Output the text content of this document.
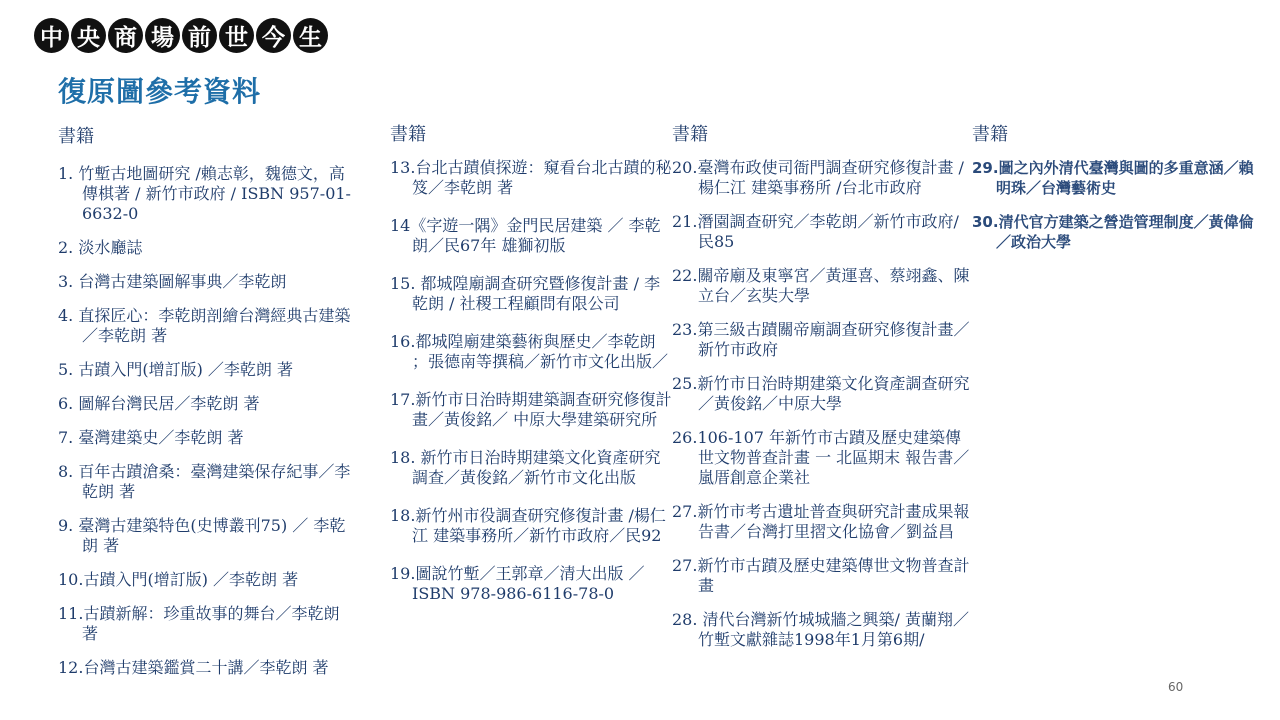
中 央 商 場 前 世 今 生
復原圖參考資料
書籍
1. 竹塹古地圖研究 /賴志彰，魏德文，高傳棋著 / 新竹市政府 / ISBN 957-01-6632-0
2. 淡水廳誌
3. 台灣古建築圖解事典／李乾朗
4. 直探匠心：李乾朗剖繪台灣經典古建築／李乾朗 著
5. 古蹟入門(增訂版) ／李乾朗 著
6. 圖解台灣民居／李乾朗 著
7. 臺灣建築史／李乾朗 著
8. 百年古蹟滄桑：臺灣建築保存紀事／李乾朗 著
9. 臺灣古建築特色(史博叢刊75) ／ 李乾朗 著
10.古蹟入門(增訂版) ／李乾朗 著
11.古蹟新解：珍重故事的舞台／李乾朗 著
12.台灣古建築鑑賞二十講／李乾朗 著
書籍
13.台北古蹟偵探遊：窺看台北古蹟的秘笈／李乾朗 著
14《字遊一隅》金門民居建築 ／ 李乾朗／民67年 雄獅初版
15. 都城隍廟調查研究暨修復計畫 / 李乾朗 / 社稷工程顧問有限公司
16.都城隍廟建築藝術與歷史／李乾朗 ；張德南等撰稿／新竹市文化出版／
17.新竹市日治時期建築調查研究修復計畫／黃俊銘／ 中原大學建築研究所
18. 新竹市日治時期建築文化資產研究調查／黃俊銘／新竹市文化出版
18.新竹州市役調查研究修復計畫 /楊仁江 建築事務所／新竹市政府／民92
19.圖說竹塹／王郭章／清大出版 ／ ISBN 978-986-6116-78-0
書籍
20.臺灣布政使司衙門調查研究修復計畫 /楊仁江 建築事務所 /台北市政府
21.潛園調查研究／李乾朗／新竹市政府/ 民85
22.關帝廟及東寧宮／黃運喜、蔡翊鑫、陳立台／玄奘大學
23.第三級古蹟關帝廟調查研究修復計畫／新竹市政府
25.新竹市日治時期建築文化資產調查研究／黃俊銘／中原大學
26.106-107 年新竹市古蹟及歷史建築傳世文物普查計畫 一 北區期末 報告書／嵐厝創意企業社
27.新竹市考古遺址普查與研究計畫成果報告書／台灣打里摺文化協會／劉益昌
27.新竹市古蹟及歷史建築傳世文物普查計畫
28. 清代台灣新竹城城牆之興築/ 黃蘭翔／竹塹文獻雜誌1998年1月第6期/
書籍
29.圖之內外清代臺灣與圖的多重意涵／賴明珠／台灣藝術史
30.清代官方建築之營造管理制度／黃偉倫／政治大學
60
